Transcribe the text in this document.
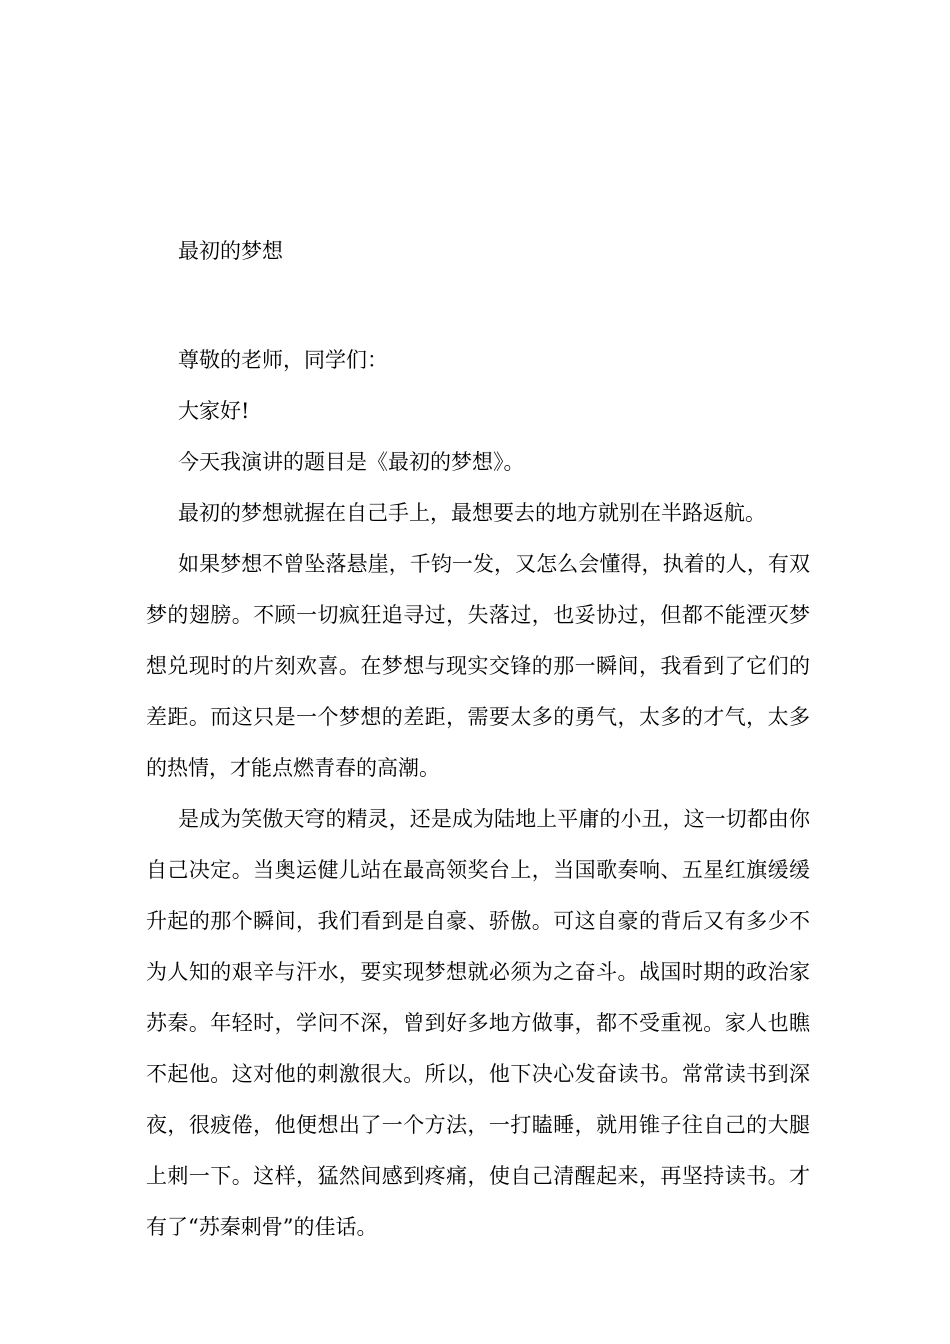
最初的梦想

尊敬的老师，同学们：

大家好!

今天我演讲的题目是《最初的梦想》。

最初的梦想就握在自己手上，最想要去的地方就别在半路返航。

如果梦想不曾坠落悬崖，千钧一发，又怎么会懂得，执着的人，有双梦的翅膀。不顾一切疯狂追寻过，失落过，也妥协过，但都不能湮灭梦想兑现时的片刻欢喜。在梦想与现实交锋的那一瞬间，我看到了它们的差距。而这只是一个梦想的差距，需要太多的勇气，太多的才气，太多的热情，才能点燃青春的高潮。

是成为笑傲天穹的精灵，还是成为陆地上平庸的小丑，这一切都由你自己决定。当奥运健儿站在最高领奖台上，当国歌奏响、五星红旗缓缓升起的那个瞬间，我们看到是自豪、骄傲。可这自豪的背后又有多少不为人知的艰辛与汗水，要实现梦想就必须为之奋斗。战国时期的政治家苏秦。年轻时，学问不深，曾到好多地方做事，都不受重视。家人也瞧不起他。这对他的刺激很大。所以，他下决心发奋读书。常常读书到深夜，很疲倦，他便想出了一个方法，一打瞌睡，就用锥子往自己的大腿上刺一下。这样，猛然间感到疼痛，使自己清醒起来，再坚持读书。才有了“苏秦刺骨”的佳话。
